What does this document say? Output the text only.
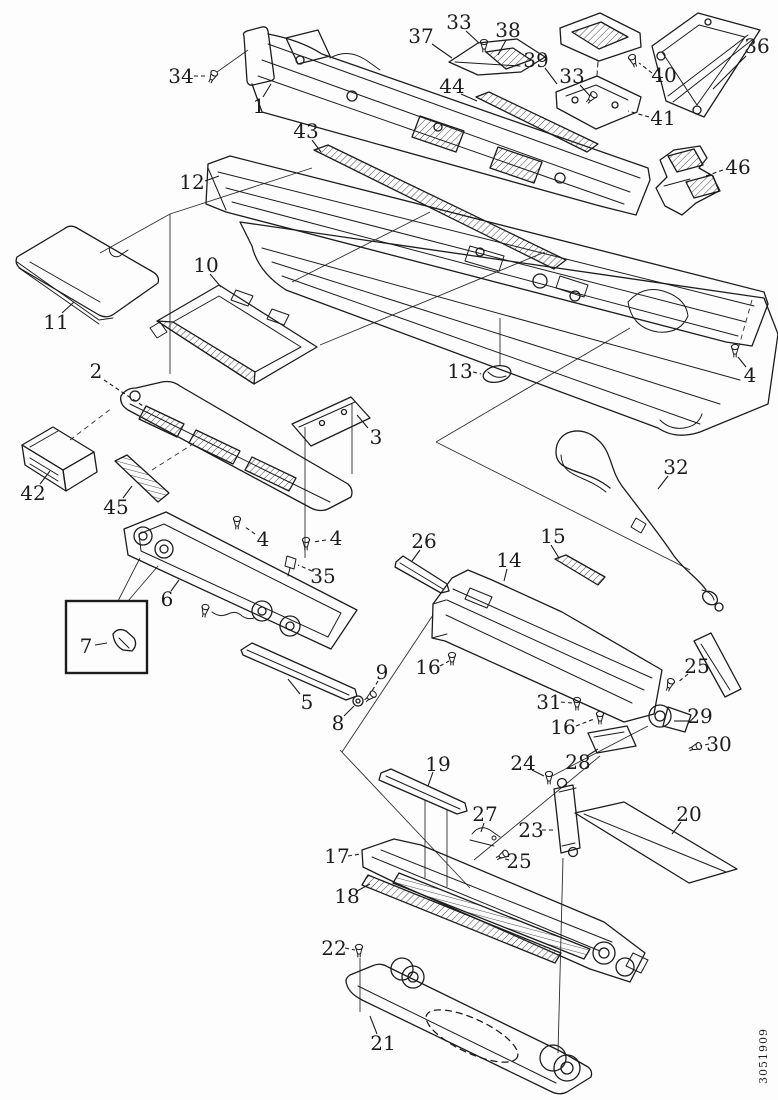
34
1
37
33 38
39
44	33	40
41
36
46
43
12
11
10
2
3
42
45
13	4
4	4
35
6
7
5
9
8
26
14
15
16
31
16
25
29
30
28
24
23
27
19
20
25
17
18
22
21
32
3051909
